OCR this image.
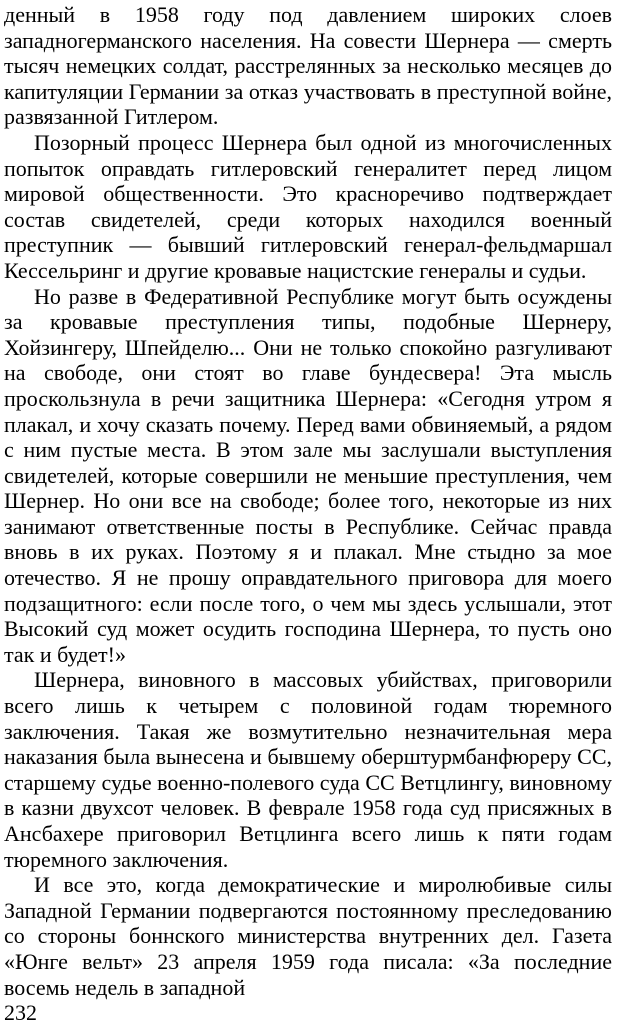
денный в 1958 году под давлением широких слоев западногерманского населения. На совести Шернера — смерть тысяч немецких солдат, расстрелянных за несколько месяцев до капитуляции Германии за отказ участвовать в преступной войне, развязанной Гитлером.

Позорный процесс Шернера был одной из многочисленных попыток оправдать гитлеровский генералитет перед лицом мировой общественности. Это красноречиво подтверждает состав свидетелей, среди которых находился военный преступник — бывший гитлеровский генерал-фельдмаршал Кессельринг и другие кровавые нацистские генералы и судьи.

Но разве в Федеративной Республике могут быть осуждены за кровавые преступления типы, подобные Шернеру, Хойзингеру, Шпейделю... Они не только спокойно разгуливают на свободе, они стоят во главе бундесвера! Эта мысль проскользнула в речи защитника Шернера: «Сегодня утром я плакал, и хочу сказать почему. Перед вами обвиняемый, а рядом с ним пустые места. В этом зале мы заслушали выступления свидетелей, которые совершили не меньшие преступления, чем Шернер. Но они все на свободе; более того, некоторые из них занимают ответственные посты в Республике. Сейчас правда вновь в их руках. Поэтому я и плакал. Мне стыдно за мое отечество. Я не прошу оправдательного приговора для моего подзащитного: если после того, о чем мы здесь услышали, этот Высокий суд может осудить господина Шернера, то пусть оно так и будет!»

Шернера, виновного в массовых убийствах, приговорили всего лишь к четырем с половиной годам тюремного заключения. Такая же возмутительно незначительная мера наказания была вынесена и бывшему оберштурмбанфюреру СС, старшему судье военно-полевого суда СС Ветцлингу, виновному в казни двухсот человек. В феврале 1958 года суд присяжных в Ансбахере приговорил Ветцлинга всего лишь к пяти годам тюремного заключения.

И все это, когда демократические и миролюбивые силы Западной Германии подвергаются постоянному преследованию со стороны боннского министерства внутренних дел. Газета «Юнге вельт» 23 апреля 1959 года писала: «За последние восемь недель в западной

232
